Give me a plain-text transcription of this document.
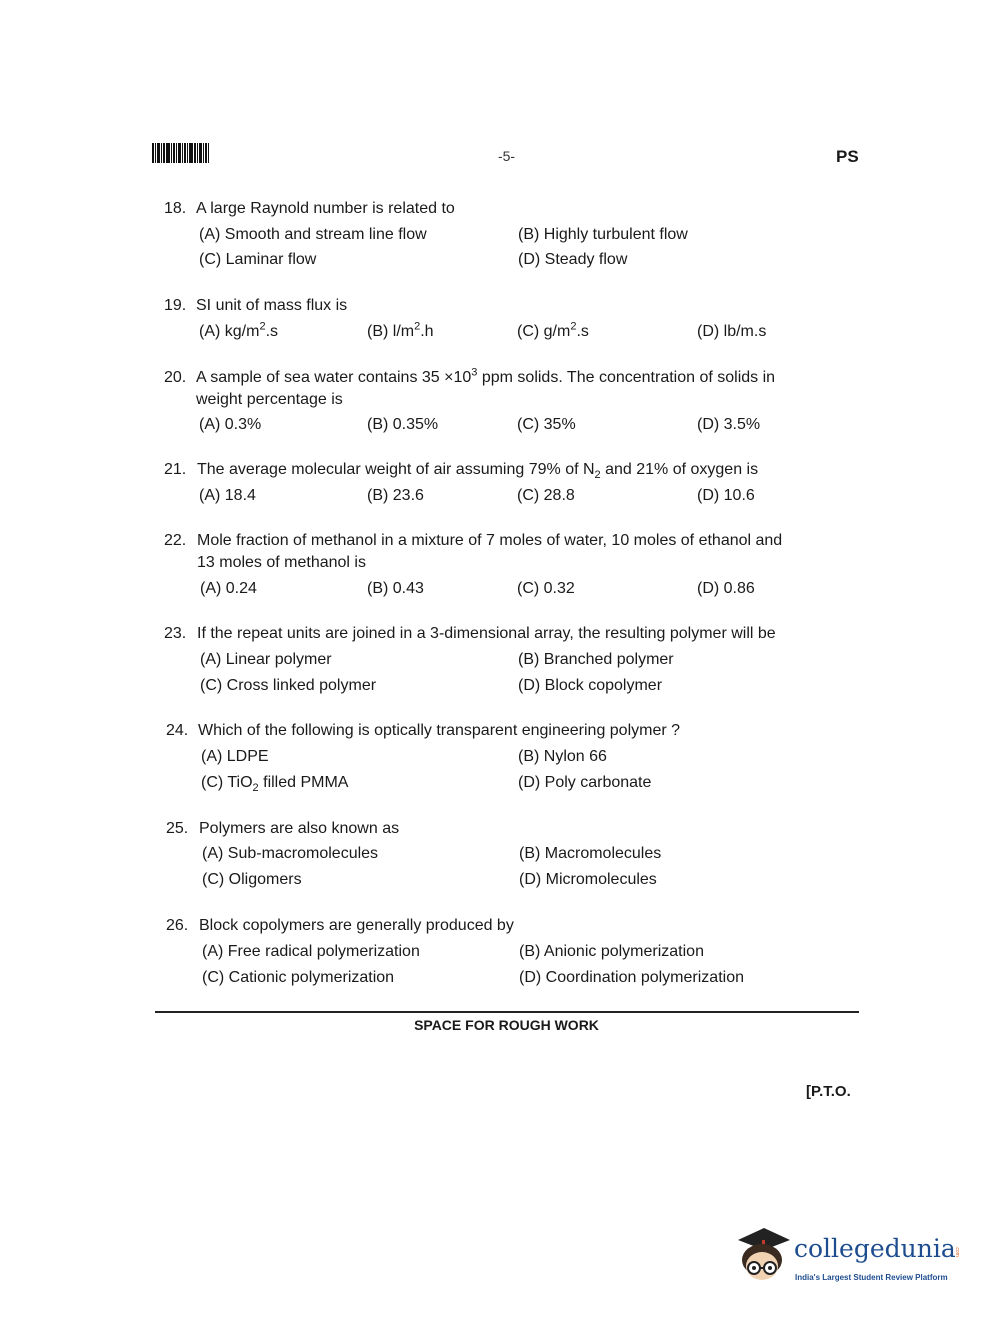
-5-	PS
18. A large Raynold number is related to
(A) Smooth and stream line flow	(B) Highly turbulent flow
(C) Laminar flow	(D) Steady flow
19. SI unit of mass flux is
(A) $kg/m^2.s$	(B) $l/m^2.h$	(C) $g/m^2.s$	(D) lb/m.s
20. A sample of sea water contains $35 \times 10^3$ ppm solids. The concentration of solids in
weight percentage is
(A) 0.3%	(B) 0.35%	(C) 35%	(D) 3.5%
21. The average molecular weight of air assuming 79% of $N_2$ and 21% of oxygen is
(A) 18.4	(B) 23.6	(C) 28.8	(D) 10.6
22. Mole fraction of methanol in a mixture of 7 moles of water, 10 moles of ethanol and
13 moles of methanol is
(A) 0.24	(B) 0.43	(C) 0.32	(D) 0.86
23. If the repeat units are joined in a 3-dimensional array, the resulting polymer will be
(A) Linear polymer	(B) Branched polymer
(C) Cross linked polymer	(D) Block copolymer
24. Which of the following is optically transparent engineering polymer ?
(A) LDPE	(B) Nylon 66
(C) TiO$_2$ filled PMMA	(D) Poly carbonate
25. Polymers are also known as
(A) Sub-macromolecules	(B) Macromolecules
(C) Oligomers	(D) Micromolecules
26. Block copolymers are generally produced by
(A) Free radical polymerization	(B) Anionic polymerization
(C) Cationic polymerization	(D) Coordination polymerization
SPACE FOR ROUGH WORK
[P.T.O.
collegedunia
.com
India's Largest Student Review Platform
